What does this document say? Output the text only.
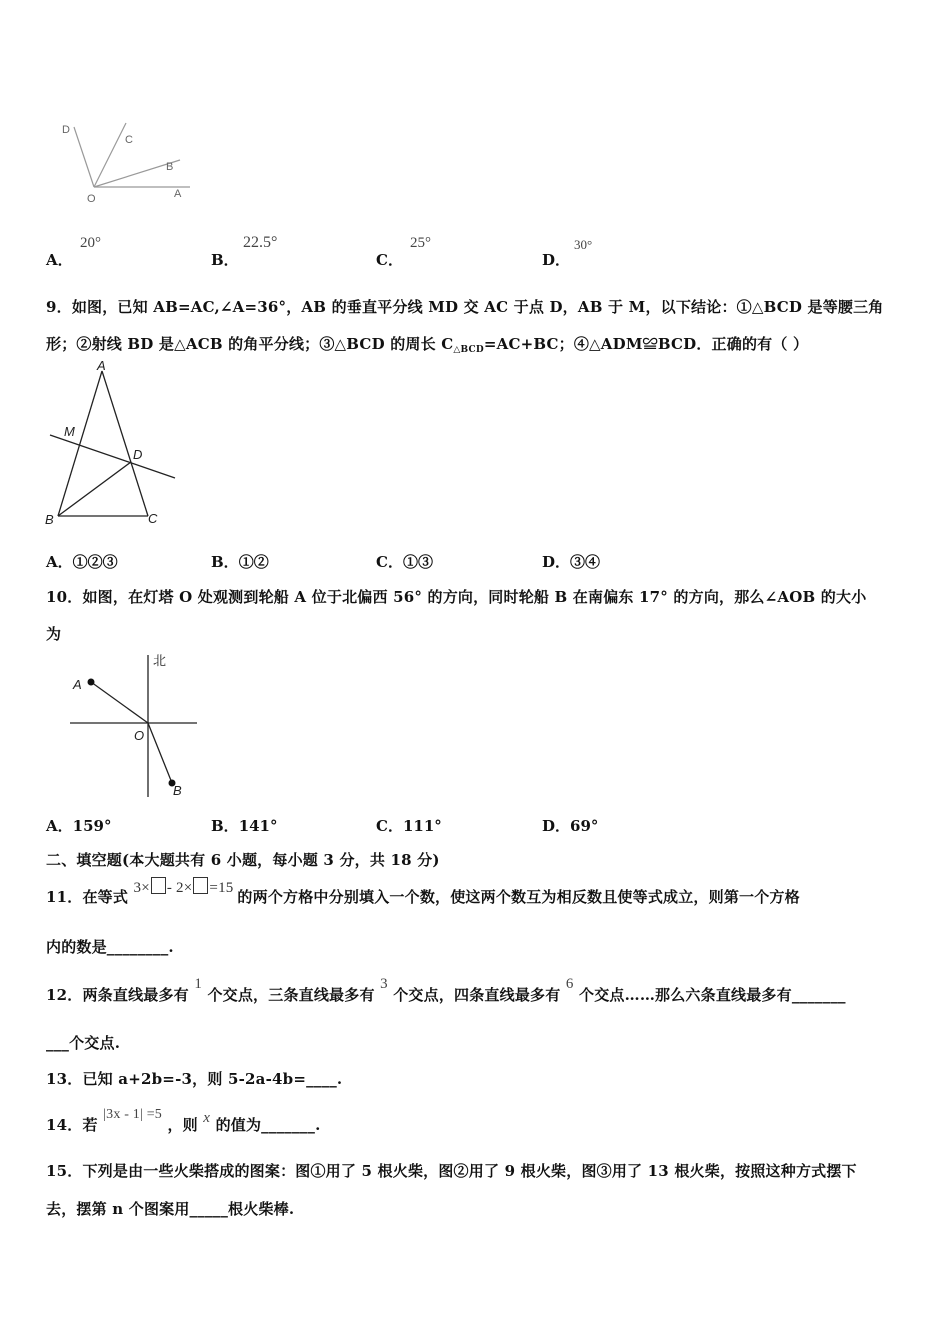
D
C
B
O	A
A．
20°
B．
22.5°
C．
25°
D．
30°
9．如图，已知 AB=AC,∠A=36°，AB 的垂直平分线 MD 交 AC 于点 D，AB 于 M，以下结论：①△BCD 是等腰三角
形；②射线 BD 是△ACB 的角平分线；③△BCD 的周长 $C_{\triangle BCD}=AC+BC$；④△ADM≌BCD．正确的有（ ）
A
M
D
B	C
A．①②③	B．①②	C．①③	D．③④
10．如图，在灯塔 O 处观测到轮船 A 位于北偏西 56° 的方向，同时轮船 B 在南偏东 17° 的方向，那么∠AOB 的大小
为
北
A
O
B
A．159°	B．141°	C．111°	D．69°
二、填空题(本大题共有 6 小题，每小题 3 分，共 18 分)
11．在等式 3× - 2× =15 的两个方格中分别填入一个数，使这两个数互为相反数且使等式成立，则第一个方格
内的数是________.
12．两条直线最多有 1 个交点，三条直线最多有 3 个交点，四条直线最多有 6 个交点……那么六条直线最多有_______
___个交点.
13．已知 a+2b=-3，则 5-2a-4b=____.
14．若 |3x - 1| =5 ，则 x 的值为_______.
15．下列是由一些火柴搭成的图案：图①用了 5 根火柴，图②用了 9 根火柴，图③用了 13 根火柴，按照这种方式摆下
去，摆第 n 个图案用_____根火柴棒.
